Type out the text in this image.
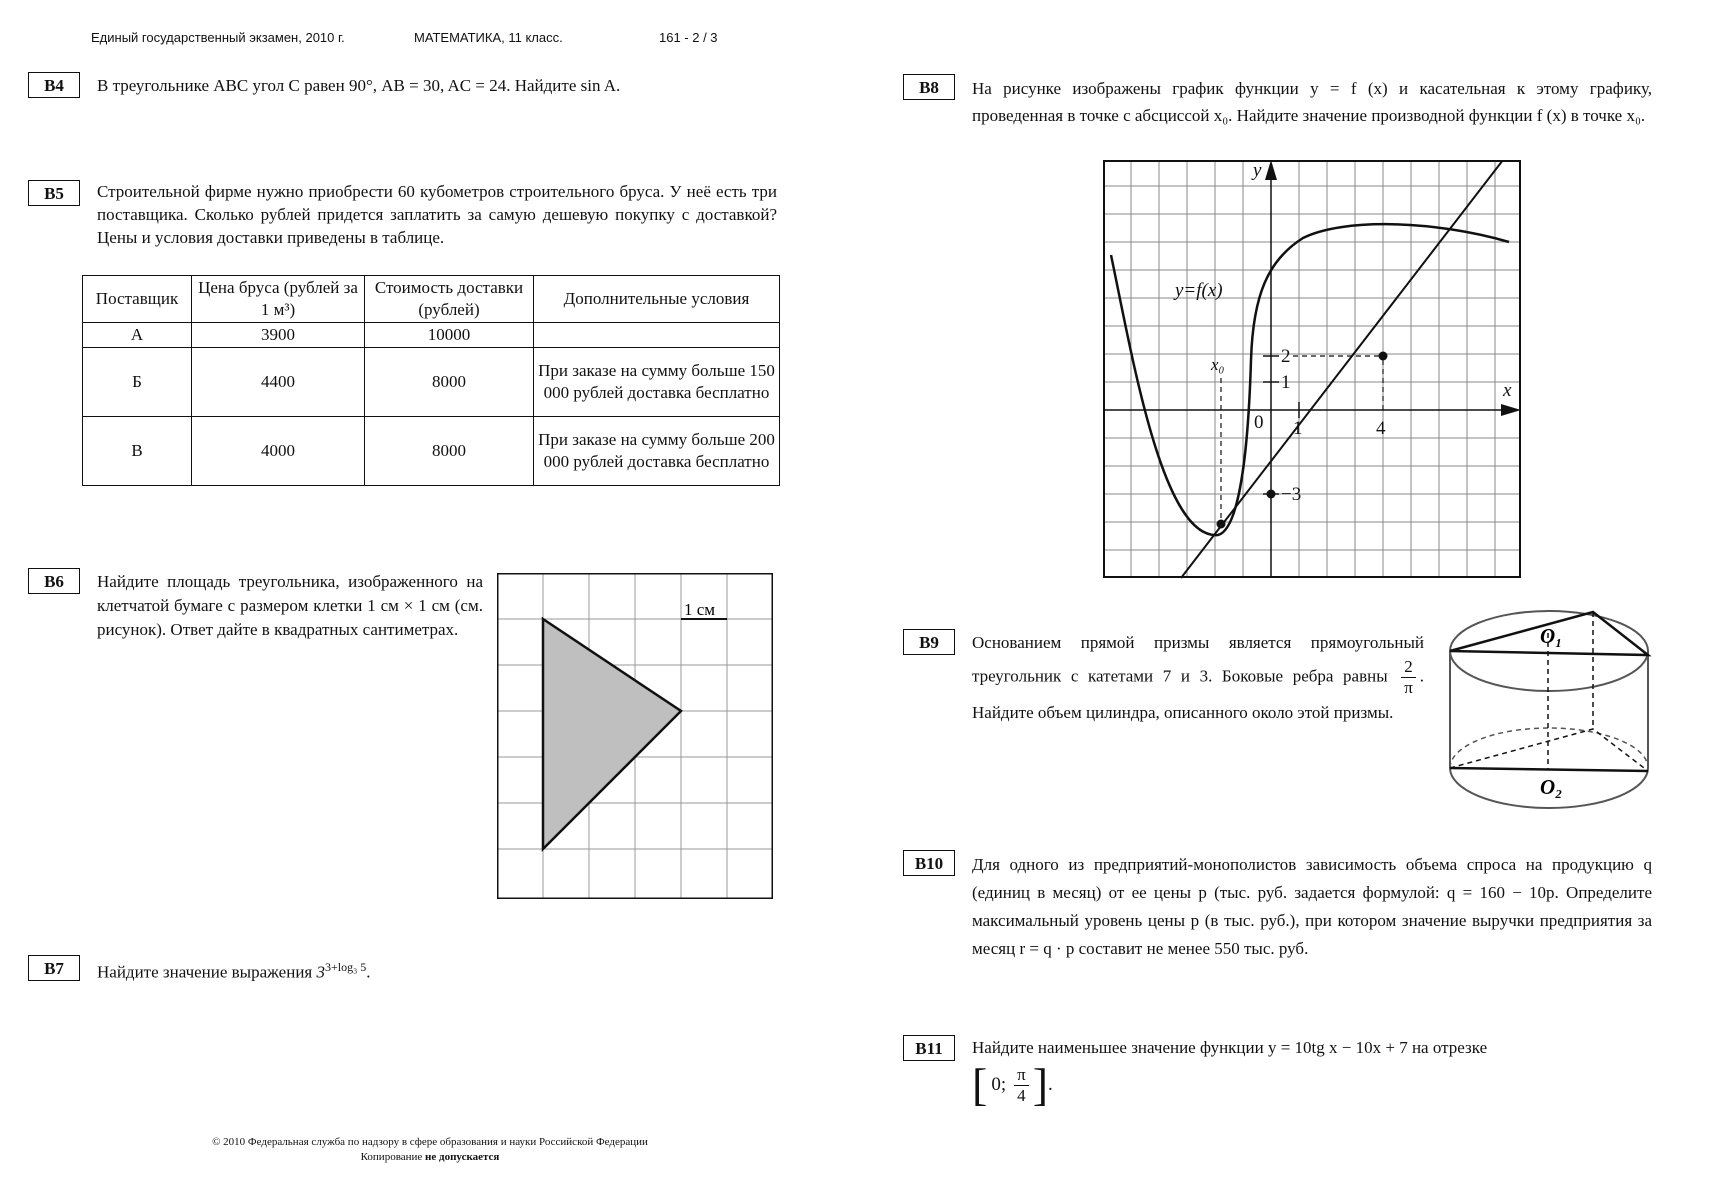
Единый государственный экзамен, 2010 г.	МАТЕМАТИКА, 11 класс.	161 - 2 / 3
B4	В треугольнике ABC угол C равен 90°, AB = 30, AC = 24. Найдите sin A.
B5	Строительной фирме нужно приобрести 60 кубометров строительного бруса. У неё есть три поставщика. Сколько рублей придется заплатить за самую дешевую покупку с доставкой? Цены и условия доставки приведены в таблице.
Поставщик	Цена бруса (рублей за 1 м³)	Стоимость доставки (рублей)	Дополнительные условия
А	3900	10000	
Б	4400	8000	При заказе на сумму больше 150 000 рублей доставка бесплатно
В	4000	8000	При заказе на сумму больше 200 000 рублей доставка бесплатно
B6	Найдите площадь треугольника, изображенного на клетчатой бумаге с размером клетки 1 см × 1 см (см. рисунок). Ответ дайте в квадратных сантиметрах.
1 см
B7	Найдите значение выражения $3^{3+log_3 5}$.
B8	На рисунке изображены график функции y = f (x) и касательная к этому графику, проведенная в точке с абсциссой x₀. Найдите значение производной функции f (x) в точке x₀.
y
x
y=f(x)
0 1	4
x₀
1
2
−3
B9	Основанием прямой призмы является прямоугольный треугольник с катетами 7 и 3. Боковые ребра равны $\frac{2}{\pi}$ . Найдите объем цилиндра, описанного около этой призмы.
O₁
O₂
B10	Для одного из предприятий-монополистов зависимость объема спроса на продукцию q (единиц в месяц) от ее цены p (тыс. руб. задается формулой: q = 160 − 10p. Определите максимальный уровень цены p (в тыс. руб.), при котором значение выручки предприятия за месяц r = q · p составит не менее 550 тыс. руб.
B11	Найдите наименьшее значение функции y = 10tg x − 10x + 7 на отрезке
[ 0; $\frac{\pi}{4}$ ] .
© 2010 Федеральная служба по надзору в сфере образования и науки Российской Федерации
Копирование не допускается
